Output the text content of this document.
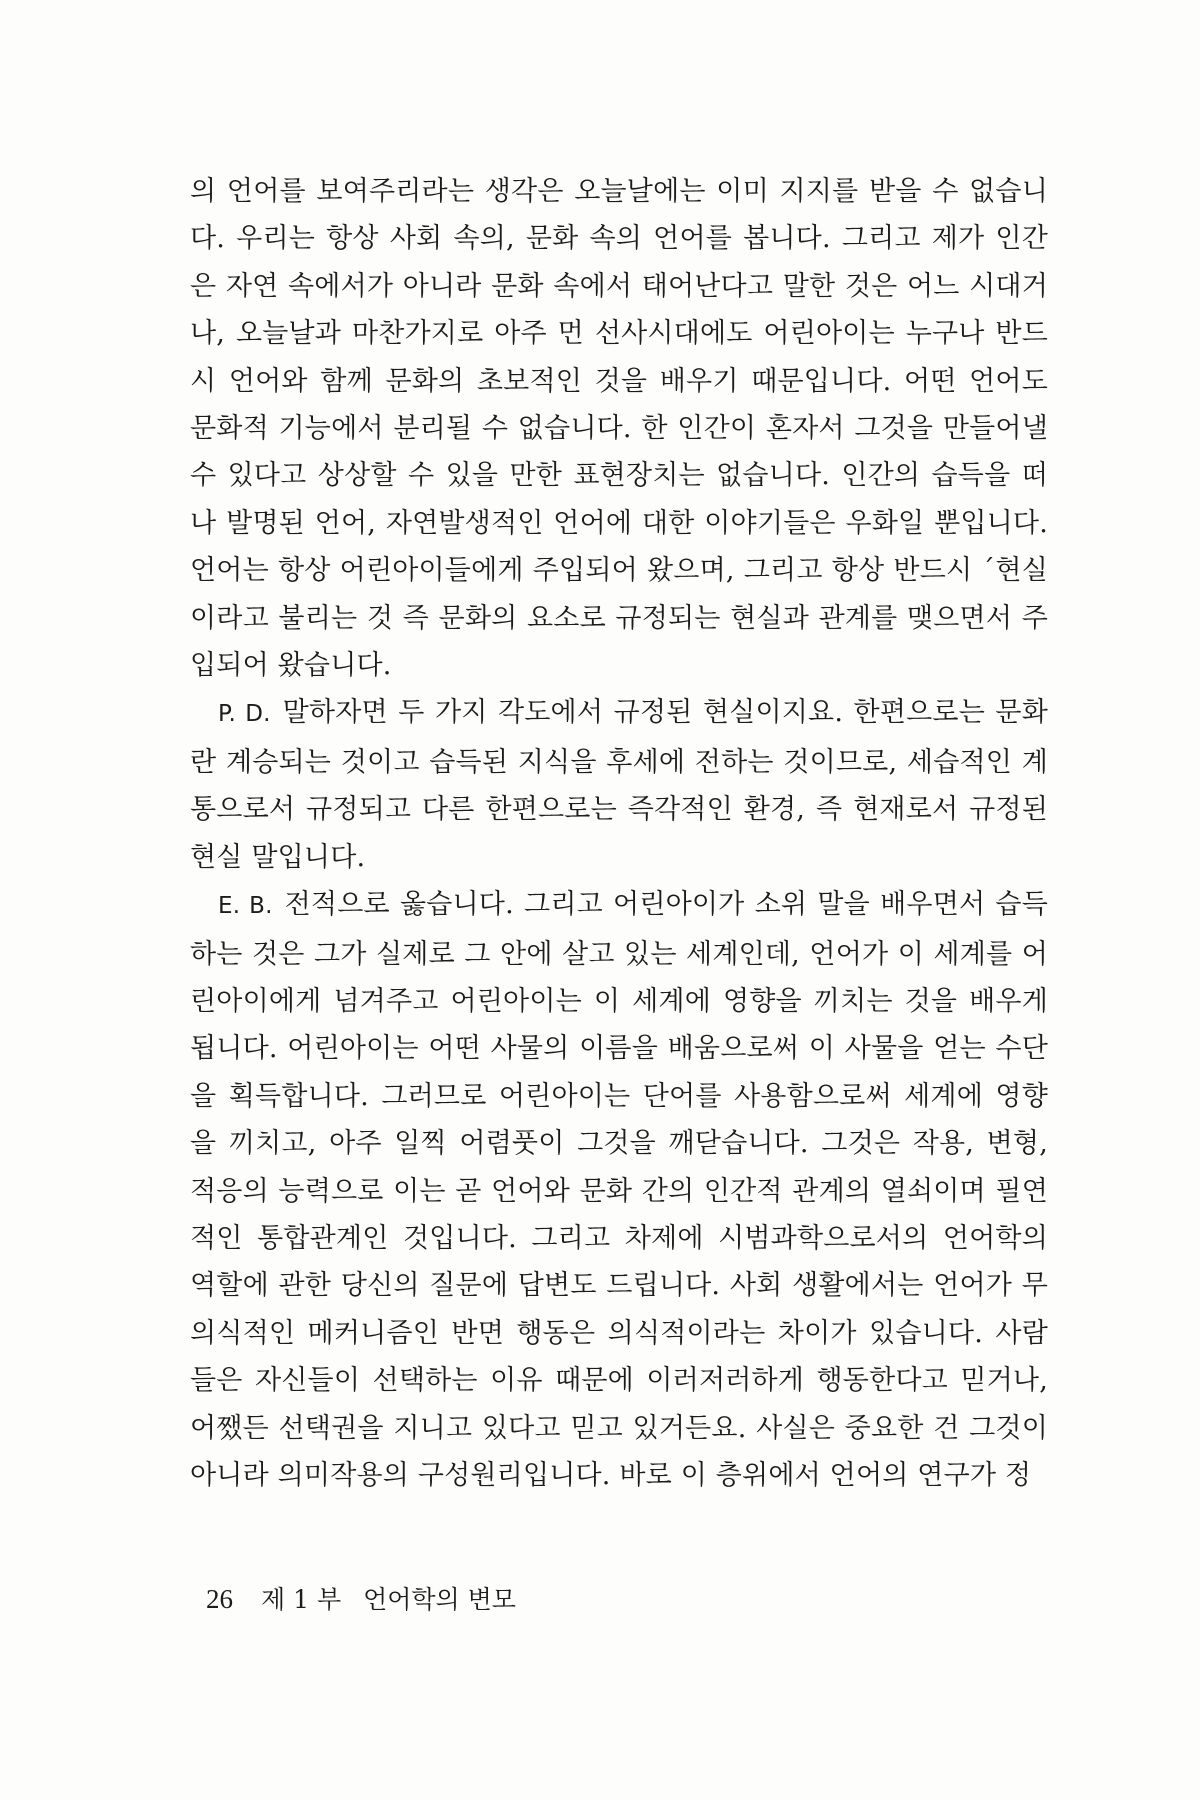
의 언어를 보여주리라는 생각은 오늘날에는 이미 지지를 받을 수 없습니다. 우리는 항상 사회 속의, 문화 속의 언어를 봅니다. 그리고 제가 인간은 자연 속에서가 아니라 문화 속에서 태어난다고 말한 것은 어느 시대거나, 오늘날과 마찬가지로 아주 먼 선사시대에도 어린아이는 누구나 반드시 언어와 함께 문화의 초보적인 것을 배우기 때문입니다. 어떤 언어도 문화적 기능에서 분리될 수 없습니다. 한 인간이 혼자서 그것을 만들어낼 수 있다고 상상할 수 있을 만한 표현장치는 없습니다. 인간의 습득을 떠나 발명된 언어, 자연발생적인 언어에 대한 이야기들은 우화일 뿐입니다. 언어는 항상 어린아이들에게 주입되어 왔으며, 그리고 항상 반드시 ˊ현실이라고 불리는 것 즉 문화의 요소로 규정되는 현실과 관계를 맺으면서 주입되어 왔습니다.

P. D. 말하자면 두 가지 각도에서 규정된 현실이지요. 한편으로는 문화란 계승되는 것이고 습득된 지식을 후세에 전하는 것이므로, 세습적인 계통으로서 규정되고 다른 한편으로는 즉각적인 환경, 즉 현재로서 규정된 현실 말입니다.

E. B. 전적으로 옳습니다. 그리고 어린아이가 소위 말을 배우면서 습득하는 것은 그가 실제로 그 안에 살고 있는 세계인데, 언어가 이 세계를 어린아이에게 넘겨주고 어린아이는 이 세계에 영향을 끼치는 것을 배우게 됩니다. 어린아이는 어떤 사물의 이름을 배움으로써 이 사물을 얻는 수단을 획득합니다. 그러므로 어린아이는 단어를 사용함으로써 세계에 영향을 끼치고, 아주 일찍 어렴풋이 그것을 깨닫습니다. 그것은 작용, 변형, 적응의 능력으로 이는 곧 언어와 문화 간의 인간적 관계의 열쇠이며 필연적인 통합관계인 것입니다. 그리고 차제에 시범과학으로서의 언어학의 역할에 관한 당신의 질문에 답변도 드립니다. 사회 생활에서는 언어가 무의식적인 메커니즘인 반면 행동은 의식적이라는 차이가 있습니다. 사람들은 자신들이 선택하는 이유 때문에 이러저러하게 행동한다고 믿거나, 어쨌든 선택권을 지니고 있다고 믿고 있거든요. 사실은 중요한 건 그것이 아니라 의미작용의 구성원리입니다. 바로 이 층위에서 언어의 연구가 정

26 제 1 부 언어학의 변모
